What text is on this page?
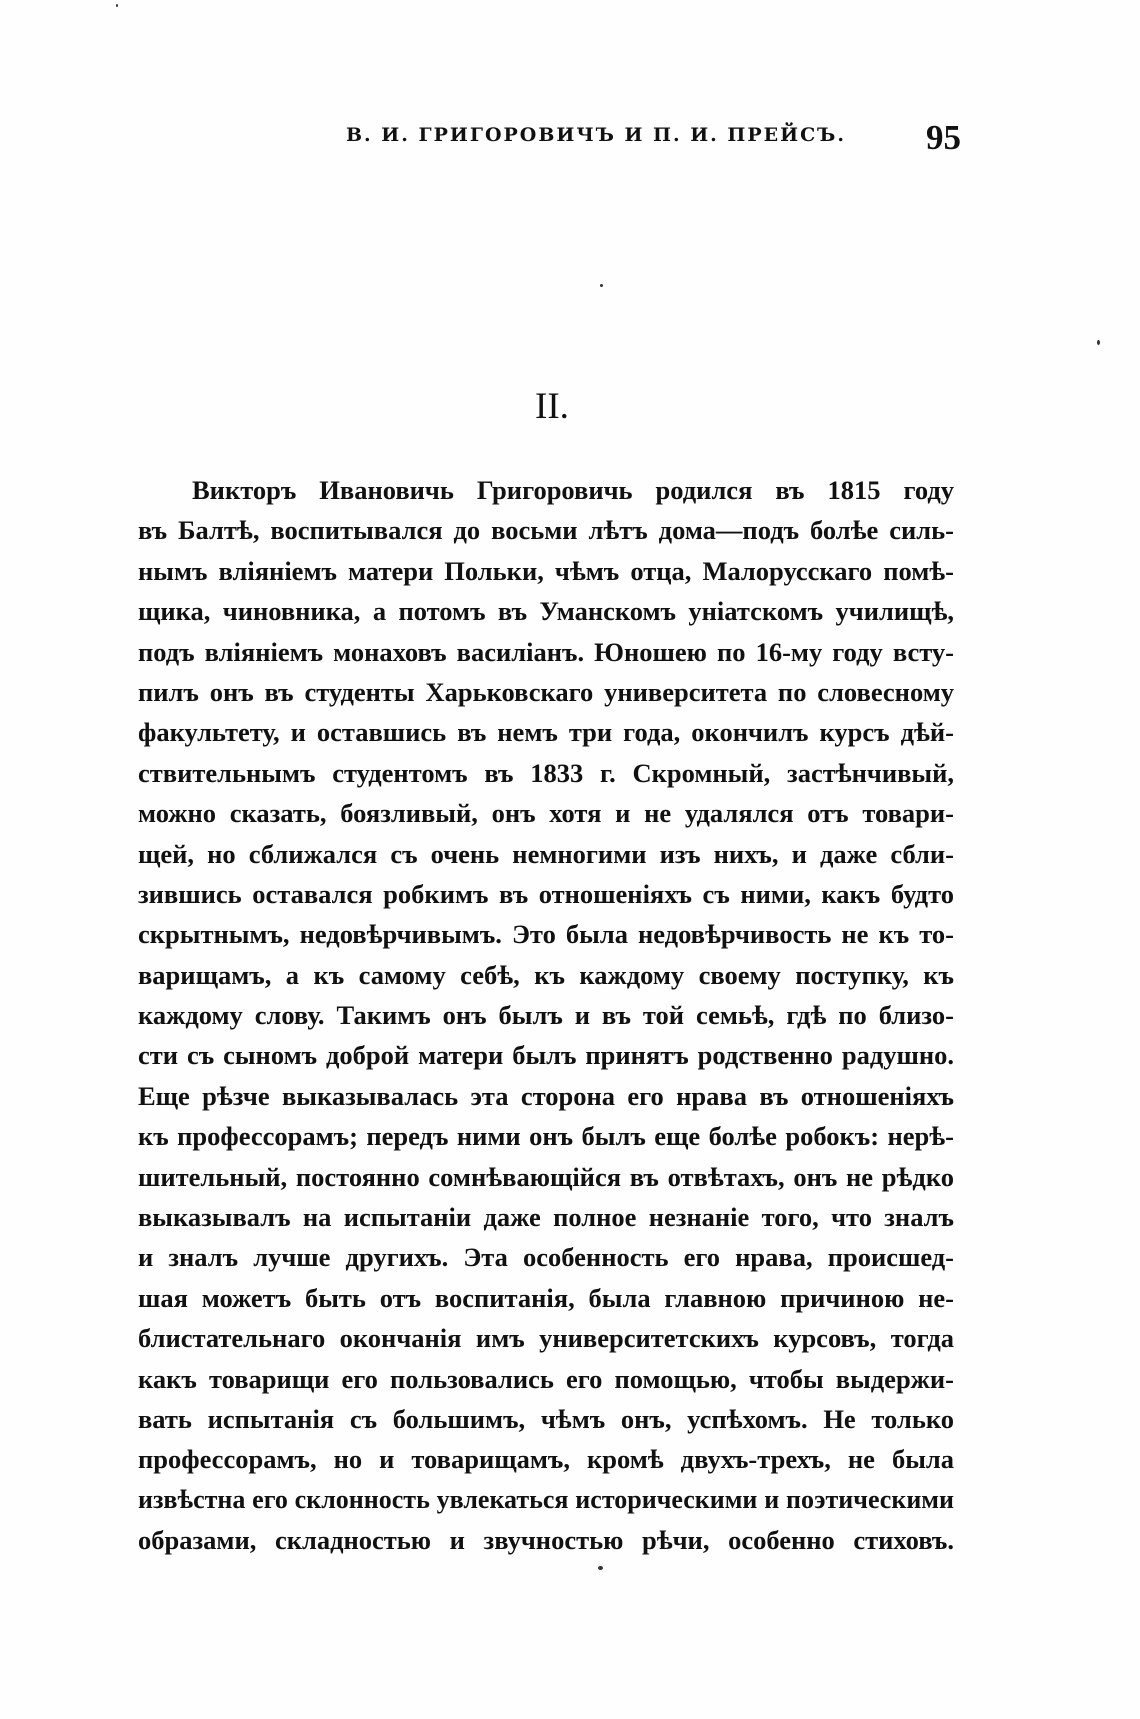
В. И. ГРИГОРОВИЧЪ И П. И. ПРЕЙСЪ. 95
II.
Викторъ Ивановичь Григоровичь родился въ 1815 году
въ Балтѣ, воспитывался до восьми лѣтъ дома—подъ болѣе силь-
нымъ вліяніемъ матери Польки, чѣмъ отца, Малорусскаго помѣ-
щика, чиновника, а потомъ въ Уманскомъ уніатскомъ училищѣ,
подъ вліяніемъ монаховъ василіанъ. Юношею по 16-му году всту-
пилъ онъ въ студенты Харьковскаго университета по словесному
факультету, и оставшись въ немъ три года, окончилъ курсъ дѣй-
ствительнымъ студентомъ въ 1833 г. Скромный, застѣнчивый,
можно сказать, боязливый, онъ хотя и не удалялся отъ товари-
щей, но сближался съ очень немногими изъ нихъ, и даже сбли-
зившись оставался робкимъ въ отношеніяхъ съ ними, какъ будто
скрытнымъ, недовѣрчивымъ. Это была недовѣрчивость не къ то-
варищамъ, а къ самому себѣ, къ каждому своему поступку, къ
каждому слову. Такимъ онъ былъ и въ той семьѣ, гдѣ по близо-
сти съ сыномъ доброй матери былъ принятъ родственно радушно.
Еще рѣзче выказывалась эта сторона его нрава въ отношеніяхъ
къ профессорамъ; передъ ними онъ былъ еще болѣе робокъ: нерѣ-
шительный, постоянно сомнѣвающійся въ отвѣтахъ, онъ не рѣдко
выказывалъ на испытаніи даже полное незнаніе того, что зналъ
и зналъ лучше другихъ. Эта особенность его нрава, происшед-
шая можетъ быть отъ воспитанія, была главною причиною не-
блистательнаго окончанія имъ университетскихъ курсовъ, тогда
какъ товарищи его пользовались его помощью, чтобы выдержи-
вать испытанія съ большимъ, чѣмъ онъ, успѣхомъ. Не только
профессорамъ, но и товарищамъ, кромѣ двухъ-трехъ, не была
извѣстна его склонность увлекаться историческими и поэтическими
образами, складностью и звучностью рѣчи, особенно стиховъ.
